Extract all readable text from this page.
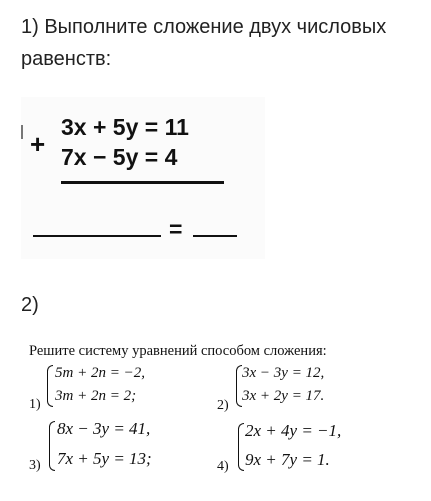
1) Выполните сложение двух числовых
равенств:
+
3x + 5y = 11
7x − 5y = 4
=
2)
Решите систему уравнений способом сложения:
1)
5m + 2n = −2,
3m + 2n = 2;
2)
3x − 3y = 12,
3x + 2y = 17.
3)
8x − 3y = 41,
7x + 5y = 13;	4)
2x + 4y = −1,
9x + 7y = 1.
